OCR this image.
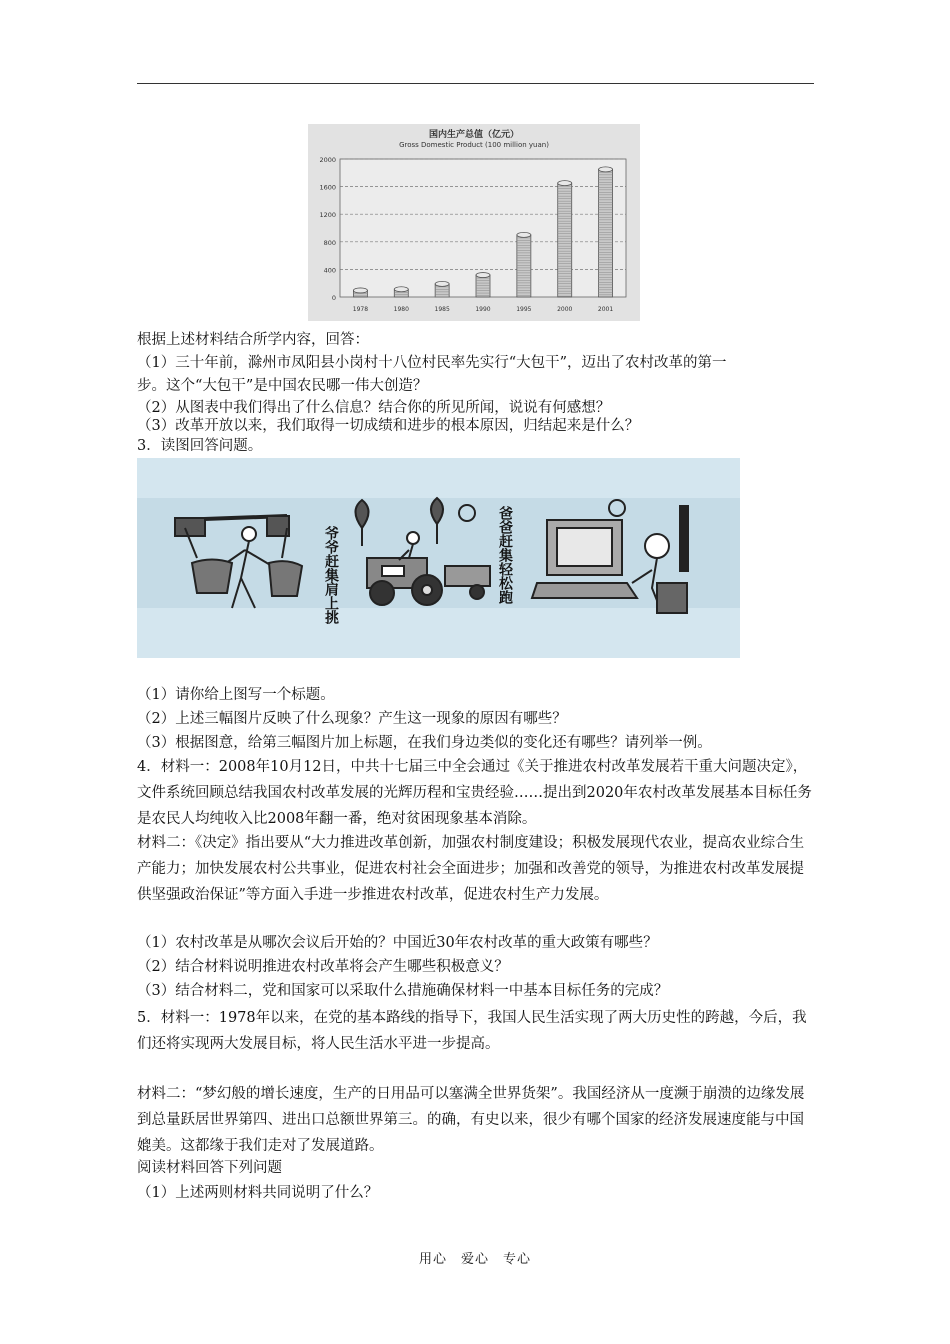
国内生产总值（亿元）
Gross Domestic Product (100 million yuan)
0
400
800
1200
1600
2000
1978	1980	1985	1990	1995	2000	2001
根据上述材料结合所学内容，回答：
（1）三十年前，滁州市凤阳县小岗村十八位村民率先实行“大包干”，迈出了农村改革的第一
步。这个“大包干”是中国农民哪一伟大创造？
（2）从图表中我们得出了什么信息？结合你的所见所闻，说说有何感想？
（3）改革开放以来，我们取得一切成绩和进步的根本原因，归结起来是什么？
3．读图回答问题。
爷爷赶集肩上挑	爸爸赶集轻松跑
（1）请你给上图写一个标题。
（2）上述三幅图片反映了什么现象？产生这一现象的原因有哪些？
（3）根据图意，给第三幅图片加上标题，在我们身边类似的变化还有哪些？请列举一例。
4．材料一：2008年10月12日，中共十七届三中全会通过《关于推进农村改革发展若干重大问题决定》，文件系统回顾总结我国农村改革发展的光辉历程和宝贵经验……提出到2020年农村改革发展基本目标任务是农民人均纯收入比2008年翻一番，绝对贫困现象基本消除。
材料二：《决定》指出要从“大力推进改革创新，加强农村制度建设；积极发展现代农业，提高农业综合生产能力；加快发展农村公共事业，促进农村社会全面进步；加强和改善党的领导，为推进农村改革发展提供坚强政治保证”等方面入手进一步推进农村改革，促进农村生产力发展。
（1）农村改革是从哪次会议后开始的？中国近30年农村改革的重大政策有哪些？
（2）结合材料说明推进农村改革将会产生哪些积极意义？
（3）结合材料二，党和国家可以采取什么措施确保材料一中基本目标任务的完成？
5．材料一：1978年以来，在党的基本路线的指导下，我国人民生活实现了两大历史性的跨越，今后，我们还将实现两大发展目标，将人民生活水平进一步提高。
材料二：“梦幻般的增长速度，生产的日用品可以塞满全世界货架”。我国经济从一度濒于崩溃的边缘发展到总量跃居世界第四、进出口总额世界第三。的确，有史以来，很少有哪个国家的经济发展速度能与中国媲美。这都缘于我们走对了发展道路。
阅读材料回答下列问题
（1）上述两则材料共同说明了什么？
用心　爱心　专心
